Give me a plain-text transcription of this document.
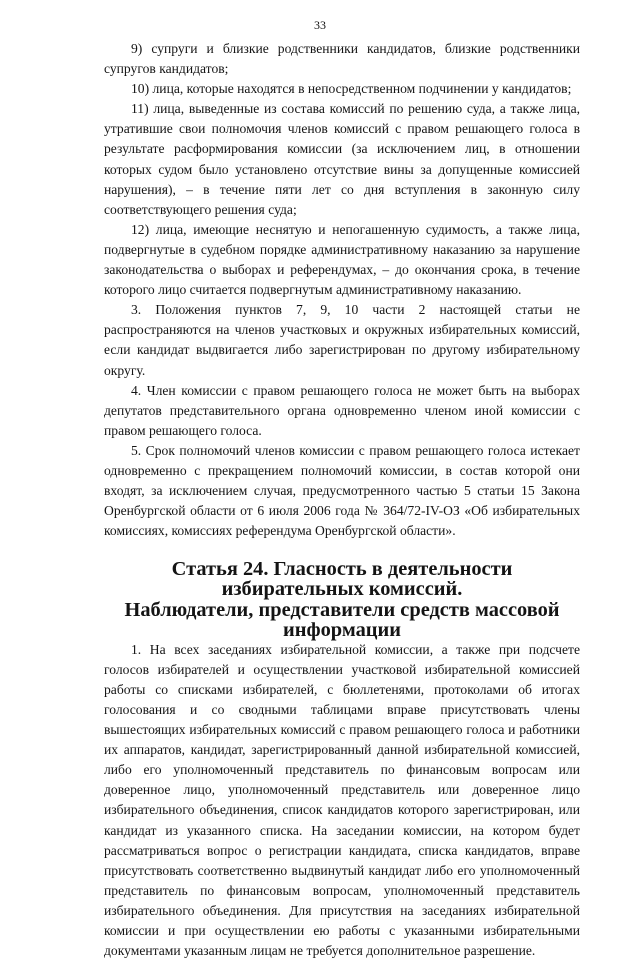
33

9) супруги и близкие родственники кандидатов, близкие родственники супругов кандидатов;

10) лица, которые находятся в непосредственном подчинении у кандидатов;

11) лица, выведенные из состава комиссий по решению суда, а также лица, утратившие свои полномочия членов комиссий с правом решающего голоса в результате расформирования комиссии (за исключением лиц, в отношении которых судом было установлено отсутствие вины за допущенные комиссией нарушения), – в течение пяти лет со дня вступления в законную силу соответствующего решения суда;

12) лица, имеющие неснятую и непогашенную судимость, а также лица, подвергнутые в судебном порядке административному наказанию за нарушение законодательства о выборах и референдумах, – до окончания срока, в течение которого лицо считается подвергнутым административному наказанию.

3. Положения пунктов 7, 9, 10 части 2 настоящей статьи не распространяются на членов участковых и окружных избирательных комиссий, если кандидат выдвигается либо зарегистрирован по другому избирательному округу.

4. Член комиссии с правом решающего голоса не может быть на выборах депутатов представительного органа одновременно членом иной комиссии с правом решающего голоса.

5. Срок полномочий членов комиссии с правом решающего голоса истекает одновременно с прекращением полномочий комиссии, в состав которой они входят, за исключением случая, предусмотренного частью 5 статьи 15 Закона Оренбургской области от 6 июля 2006 года № 364/72-IV-ОЗ «Об избирательных комиссиях, комиссиях референдума Оренбургской области».

Статья 24. Гласность в деятельности избирательных комиссий.
Наблюдатели, представители средств массовой
информации

1. На всех заседаниях избирательной комиссии, а также при подсчете голосов избирателей и осуществлении участковой избирательной комиссией работы со списками избирателей, с бюллетенями, протоколами об итогах голосования и со сводными таблицами вправе присутствовать члены вышестоящих избирательных комиссий с правом решающего голоса и работники их аппаратов, кандидат, зарегистрированный данной избирательной комиссией, либо его уполномоченный представитель по финансовым вопросам или доверенное лицо, уполномоченный представитель или доверенное лицо избирательного объединения, список кандидатов которого зарегистрирован, или кандидат из указанного списка. На заседании комиссии, на котором будет рассматриваться вопрос о регистрации кандидата, списка кандидатов, вправе присутствовать соответственно выдвинутый кандидат либо его уполномоченный представитель по финансовым вопросам, уполномоченный представитель избирательного объединения. Для присутствия на заседаниях избирательной комиссии и при осуществлении ею работы с указанными избирательными документами указанным лицам не требуется дополнительное разрешение.
